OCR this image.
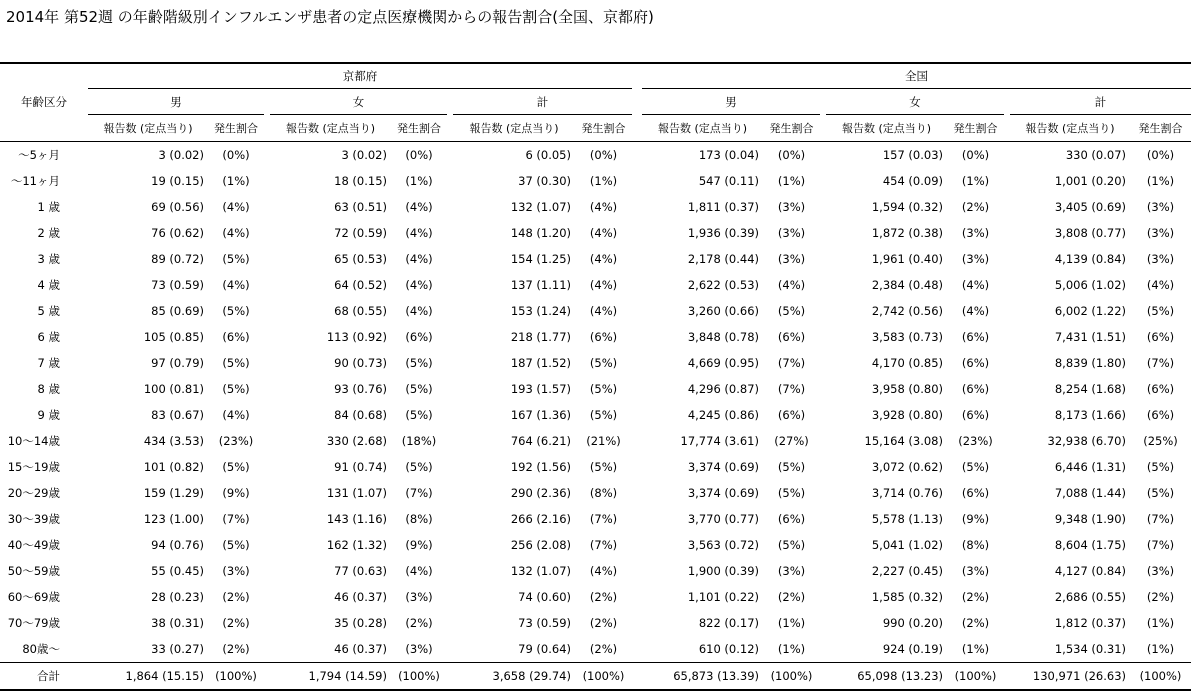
2014年 第52週 の年齢階級別インフルエンザ患者の定点医療機関からの報告割合(全国、京都府)
	京都府									全国							
年齢区分	男			女			計			男			女			計	
	報告数 (定点当り)	発生割合		報告数 (定点当り)	発生割合		報告数 (定点当り)	発生割合		報告数 (定点当り)	発生割合		報告数 (定点当り)	発生割合		報告数 (定点当り)	発生割合
〜5ヶ月	3 (0.02)	(0%)		3 (0.02)	(0%)		6 (0.05)	(0%)		173 (0.04)	(0%)		157 (0.03)	(0%)		330 (0.07)	(0%)
〜11ヶ月	19 (0.15)	(1%)		18 (0.15)	(1%)		37 (0.30)	(1%)		547 (0.11)	(1%)		454 (0.09)	(1%)		1,001 (0.20)	(1%)
1 歳	69 (0.56)	(4%)		63 (0.51)	(4%)		132 (1.07)	(4%)		1,811 (0.37)	(3%)		1,594 (0.32)	(2%)		3,405 (0.69)	(3%)
2 歳	76 (0.62)	(4%)		72 (0.59)	(4%)		148 (1.20)	(4%)		1,936 (0.39)	(3%)		1,872 (0.38)	(3%)		3,808 (0.77)	(3%)
3 歳	89 (0.72)	(5%)		65 (0.53)	(4%)		154 (1.25)	(4%)		2,178 (0.44)	(3%)		1,961 (0.40)	(3%)		4,139 (0.84)	(3%)
4 歳	73 (0.59)	(4%)		64 (0.52)	(4%)		137 (1.11)	(4%)		2,622 (0.53)	(4%)		2,384 (0.48)	(4%)		5,006 (1.02)	(4%)
5 歳	85 (0.69)	(5%)		68 (0.55)	(4%)		153 (1.24)	(4%)		3,260 (0.66)	(5%)		2,742 (0.56)	(4%)		6,002 (1.22)	(5%)
6 歳	105 (0.85)	(6%)		113 (0.92)	(6%)		218 (1.77)	(6%)		3,848 (0.78)	(6%)		3,583 (0.73)	(6%)		7,431 (1.51)	(6%)
7 歳	97 (0.79)	(5%)		90 (0.73)	(5%)		187 (1.52)	(5%)		4,669 (0.95)	(7%)		4,170 (0.85)	(6%)		8,839 (1.80)	(7%)
8 歳	100 (0.81)	(5%)		93 (0.76)	(5%)		193 (1.57)	(5%)		4,296 (0.87)	(7%)		3,958 (0.80)	(6%)		8,254 (1.68)	(6%)
9 歳	83 (0.67)	(4%)		84 (0.68)	(5%)		167 (1.36)	(5%)		4,245 (0.86)	(6%)		3,928 (0.80)	(6%)		8,173 (1.66)	(6%)
10〜14歳	434 (3.53)	(23%)		330 (2.68)	(18%)		764 (6.21)	(21%)		17,774 (3.61)	(27%)		15,164 (3.08)	(23%)		32,938 (6.70)	(25%)
15〜19歳	101 (0.82)	(5%)		91 (0.74)	(5%)		192 (1.56)	(5%)		3,374 (0.69)	(5%)		3,072 (0.62)	(5%)		6,446 (1.31)	(5%)
20〜29歳	159 (1.29)	(9%)		131 (1.07)	(7%)		290 (2.36)	(8%)		3,374 (0.69)	(5%)		3,714 (0.76)	(6%)		7,088 (1.44)	(5%)
30〜39歳	123 (1.00)	(7%)		143 (1.16)	(8%)		266 (2.16)	(7%)		3,770 (0.77)	(6%)		5,578 (1.13)	(9%)		9,348 (1.90)	(7%)
40〜49歳	94 (0.76)	(5%)		162 (1.32)	(9%)		256 (2.08)	(7%)		3,563 (0.72)	(5%)		5,041 (1.02)	(8%)		8,604 (1.75)	(7%)
50〜59歳	55 (0.45)	(3%)		77 (0.63)	(4%)		132 (1.07)	(4%)		1,900 (0.39)	(3%)		2,227 (0.45)	(3%)		4,127 (0.84)	(3%)
60〜69歳	28 (0.23)	(2%)		46 (0.37)	(3%)		74 (0.60)	(2%)		1,101 (0.22)	(2%)		1,585 (0.32)	(2%)		2,686 (0.55)	(2%)
70〜79歳	38 (0.31)	(2%)		35 (0.28)	(2%)		73 (0.59)	(2%)		822 (0.17)	(1%)		990 (0.20)	(2%)		1,812 (0.37)	(1%)
80歳〜	33 (0.27)	(2%)		46 (0.37)	(3%)		79 (0.64)	(2%)		610 (0.12)	(1%)		924 (0.19)	(1%)		1,534 (0.31)	(1%)
合計	1,864 (15.15)	(100%)		1,794 (14.59)	(100%)		3,658 (29.74)	(100%)		65,873 (13.39)	(100%)		65,098 (13.23)	(100%)		130,971 (26.63)	(100%)
